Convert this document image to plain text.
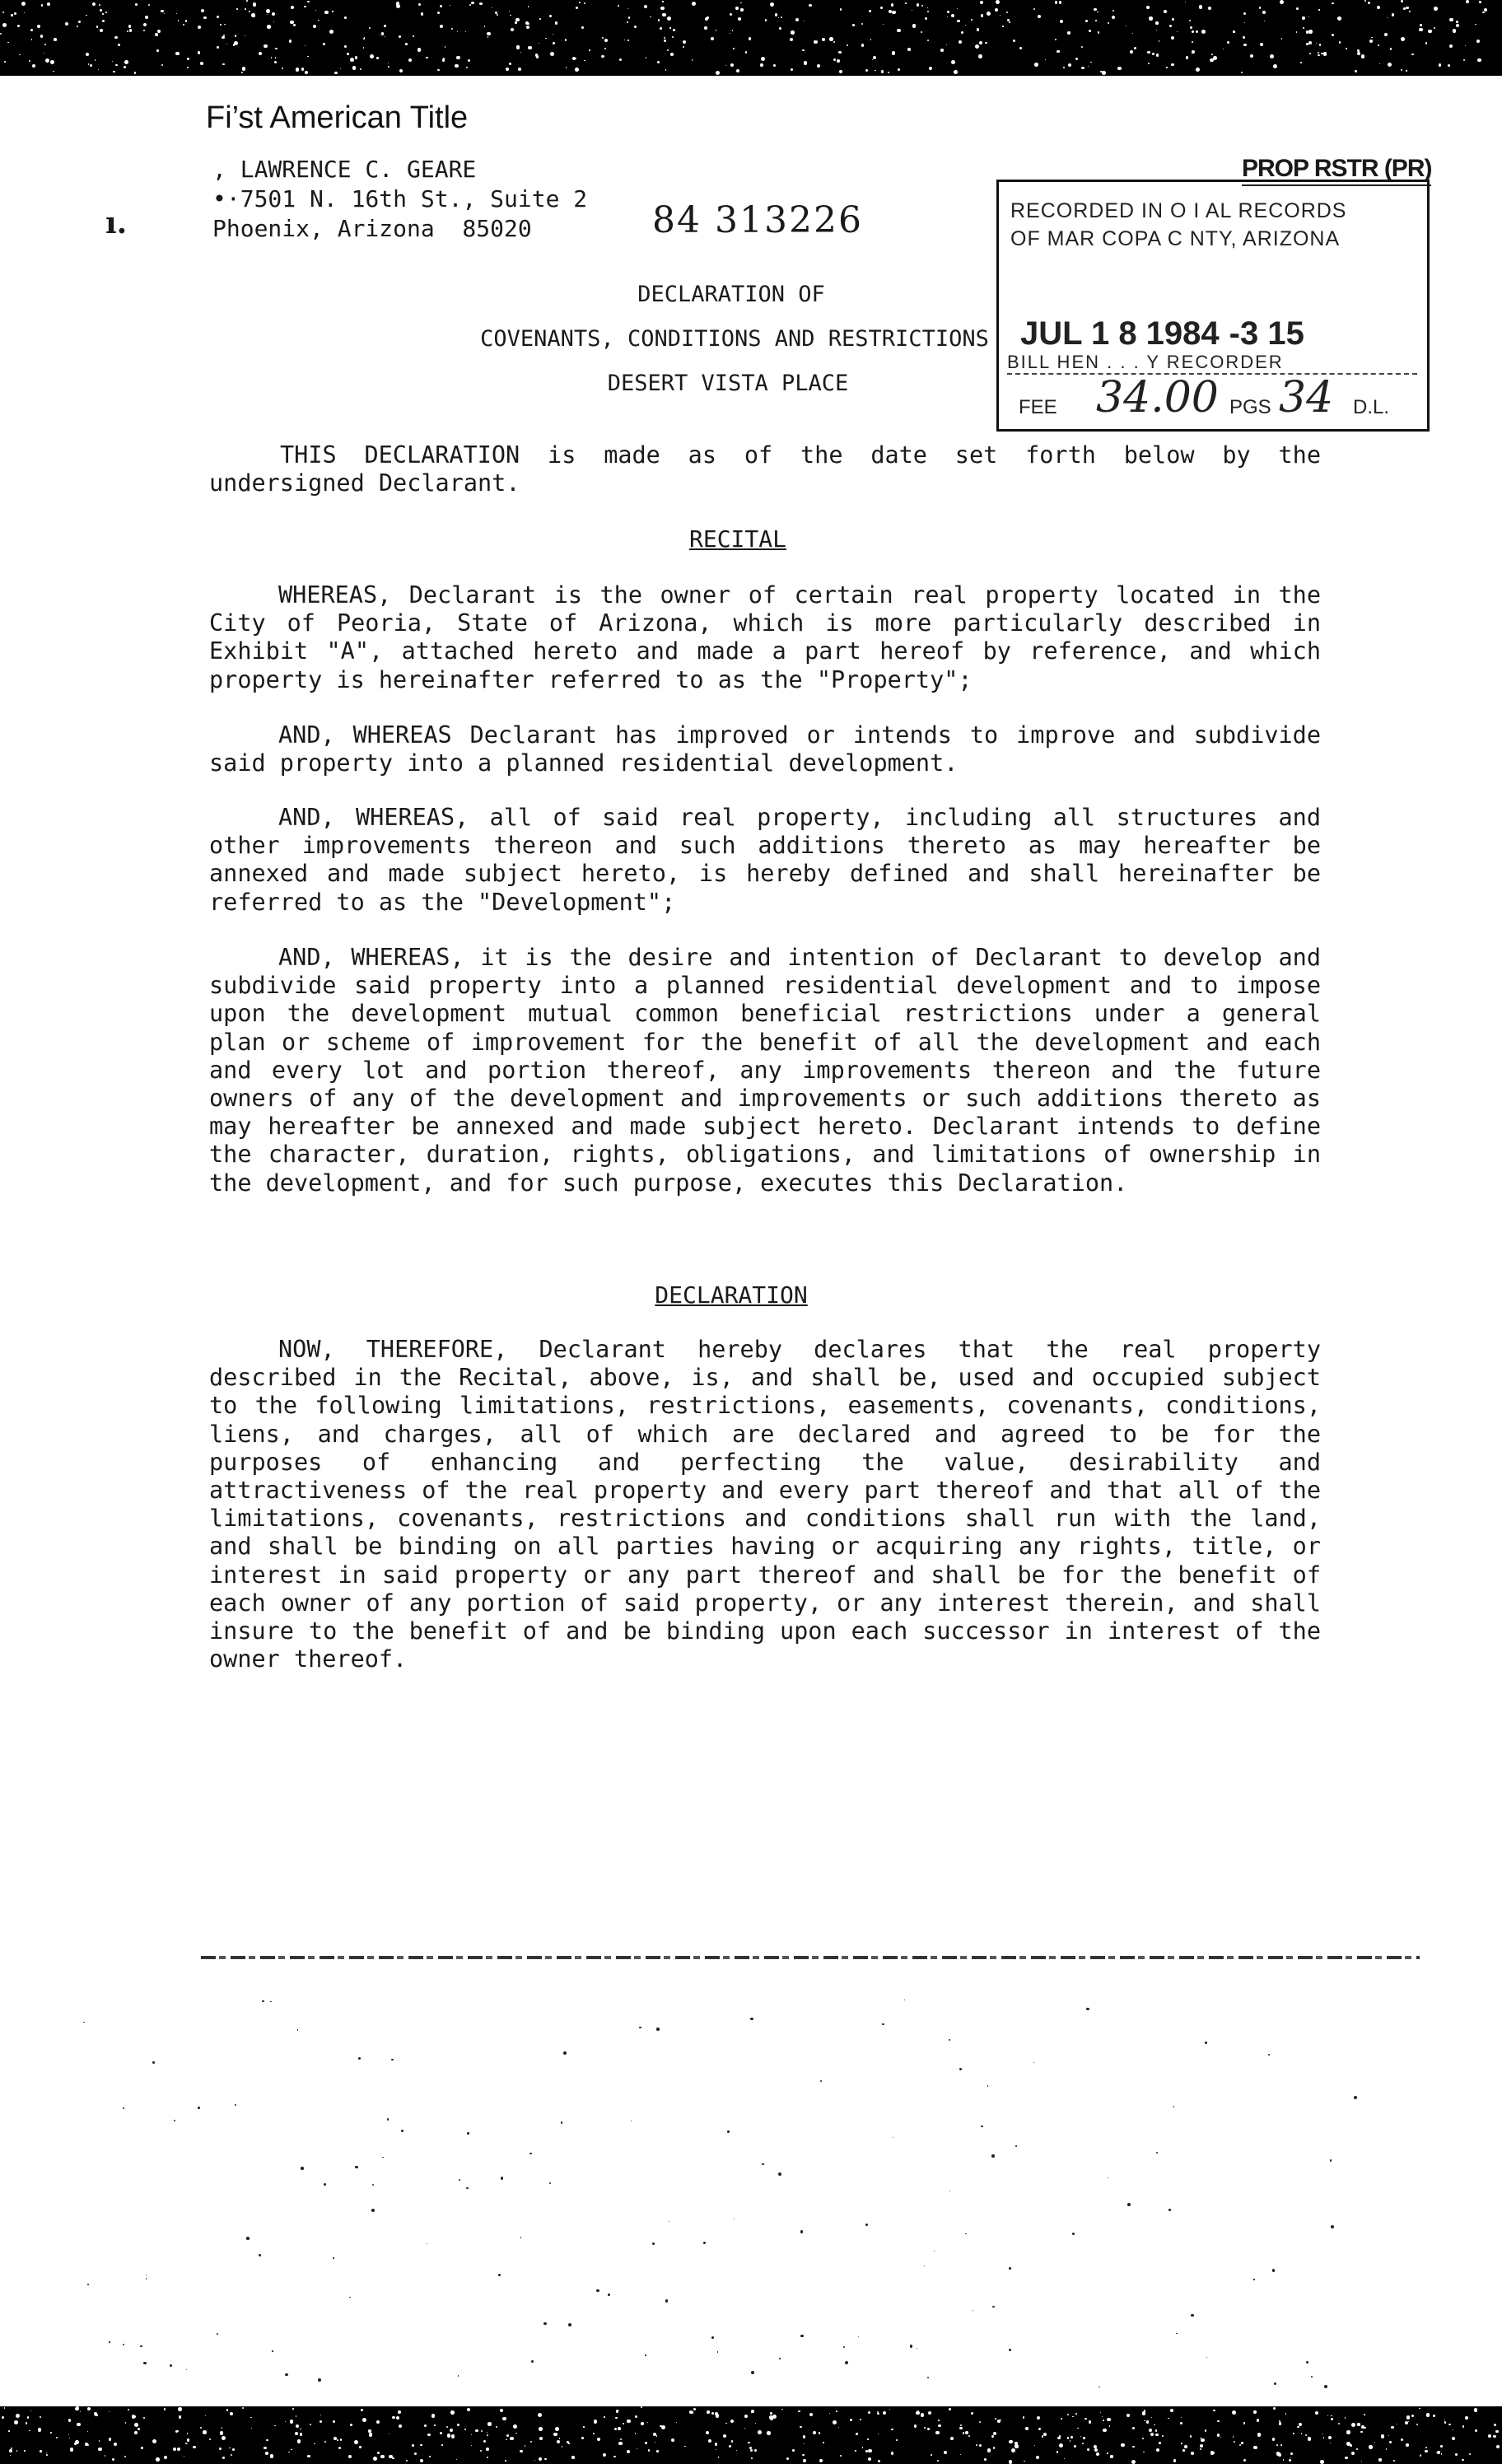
Fi’st American Title
, LAWRENCE C. GEARE
•·7501 N. 16th St., Suite 2
Phoenix, Arizona  85020
ı.	84 313226
PROP RSTR (PR)
RECORDED IN O I AL RECORDS
OF MAR COPA C NTY, ARIZONA
JUL 1 8 1984 -3 15
BILL HEN . . . Y RECORDER
FEE 34.00 PGS 34 D.L.
DECLARATION OF
COVENANTS, CONDITIONS AND RESTRICTIONS
DESERT VISTA PLACE
THIS DECLARATION is made as of the date set forth below by the undersigned Declarant.
RECITAL
WHEREAS, Declarant is the owner of certain real property located in the City of Peoria, State of Arizona, which is more particularly described in Exhibit "A", attached hereto and made a part hereof by reference, and which property is hereinafter referred to as the "Property";
AND, WHEREAS Declarant has improved or intends to improve and subdivide said property into a planned residential development.
AND, WHEREAS, all of said real property, including all structures and other improvements thereon and such additions thereto as may hereafter be annexed and made subject hereto, is hereby defined and shall hereinafter be referred to as the "Development";
AND, WHEREAS, it is the desire and intention of Declarant to develop and subdivide said property into a planned residential development and to impose upon the development mutual common beneficial restrictions under a general plan or scheme of improvement for the benefit of all the development and each and every lot and portion thereof, any improvements thereon and the future owners of any of the development and improvements or such additions thereto as may hereafter be annexed and made subject hereto. Declarant intends to define the character, duration, rights, obligations, and limitations of ownership in the development, and for such purpose, executes this Declaration.
DECLARATION
NOW, THEREFORE, Declarant hereby declares that the real property described in the Recital, above, is, and shall be, used and occupied subject to the following limitations, restrictions, easements, covenants, conditions, liens, and charges, all of which are declared and agreed to be for the purposes of enhancing and perfecting the value, desirability and attractiveness of the real property and every part thereof and that all of the limitations, covenants, restrictions and conditions shall run with the land, and shall be binding on all parties having or acquiring any rights, title, or interest in said property or any part thereof and shall be for the benefit of each owner of any portion of said property, or any interest therein, and shall insure to the benefit of and be binding upon each successor in interest of the owner thereof.
